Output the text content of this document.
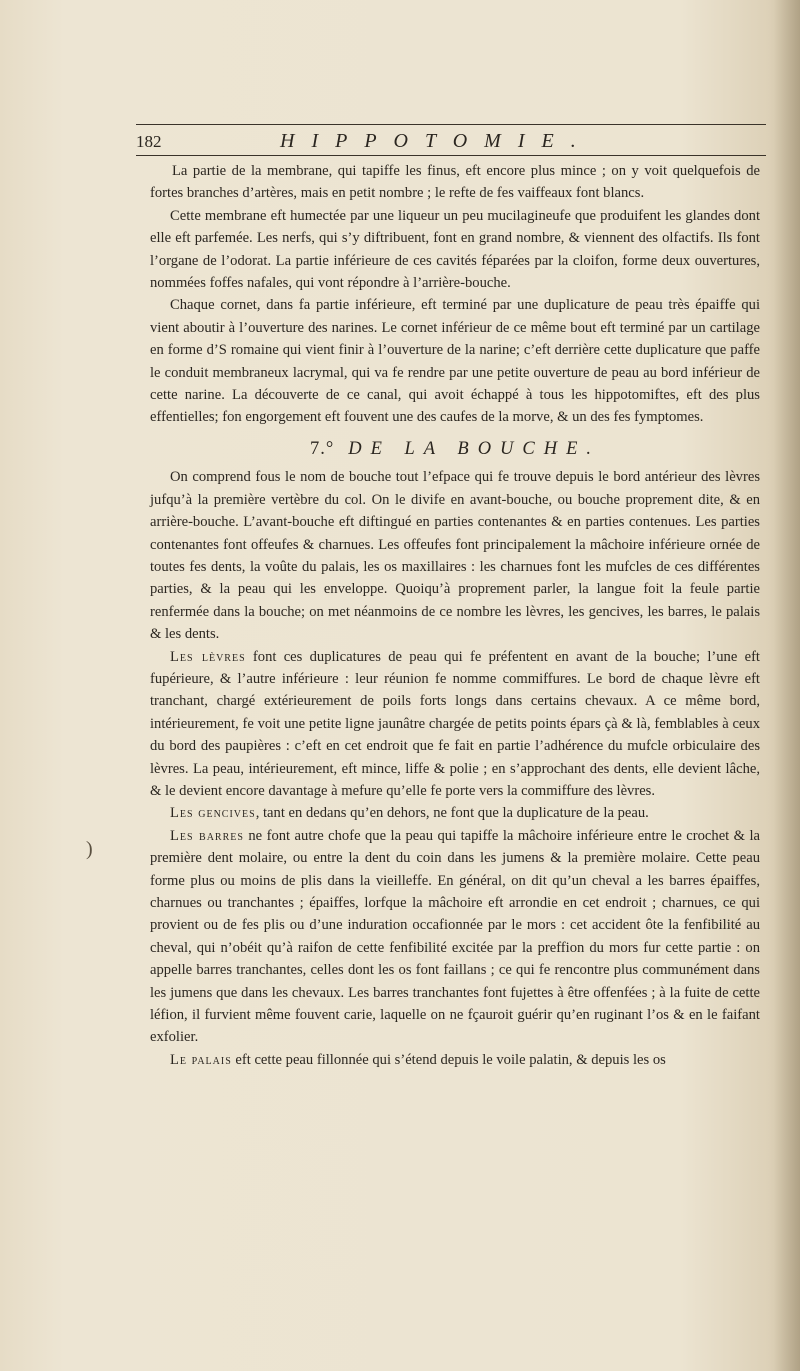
182	HIPPOTOMIE.
)

La partie de la membrane, qui tapiffe les finus, eft encore plus mince ; on y voit quelquefois de fortes branches d’artères, mais en petit nombre ; le refte de fes vaiffeaux font blancs.

Cette membrane eft humectée par une liqueur un peu mucilagineufe que produifent les glandes dont elle eft parfemée. Les nerfs, qui s’y diftribuent, font en grand nombre, & viennent des olfactifs. Ils font l’organe de l’odorat. La partie inférieure de ces cavités féparées par la cloifon, forme deux ouvertures, nommées foffes nafales, qui vont répondre à l’arrière-bouche.

Chaque cornet, dans fa partie inférieure, eft terminé par une duplicature de peau très épaiffe qui vient aboutir à l’ouverture des narines. Le cornet inférieur de ce même bout eft terminé par un cartilage en forme d’S romaine qui vient finir à l’ouverture de la narine; c’eft derrière cette duplicature que paffe le conduit membraneux lacrymal, qui va fe rendre par une petite ouverture de peau au bord inférieur de cette narine. La découverte de ce canal, qui avoit échappé à tous les hippotomiftes, eft des plus effentielles; fon engorgement eft fouvent une des caufes de la morve, & un des fes fymptomes.

7.° DE LA BOUCHE.

On comprend fous le nom de bouche tout l’efpace qui fe trouve depuis le bord antérieur des lèvres jufqu’à la première vertèbre du col. On le divife en avant-bouche, ou bouche proprement dite, & en arrière-bouche. L’avant-bouche eft diftingué en parties contenantes & en parties contenues. Les parties contenantes font offeufes & charnues. Les offeufes font principalement la mâchoire inférieure ornée de toutes fes dents, la voûte du palais, les os maxillaires : les charnues font les mufcles de ces différentes parties, & la peau qui les enveloppe. Quoiqu’à proprement parler, la langue foit la feule partie renfermée dans la bouche; on met néanmoins de ce nombre les lèvres, les gencives, les barres, le palais & les dents.

Les lèvres font ces duplicatures de peau qui fe préfentent en avant de la bouche; l’une eft fupérieure, & l’autre inférieure : leur réunion fe nomme commiffures. Le bord de chaque lèvre eft tranchant, chargé extérieurement de poils forts longs dans certains chevaux. A ce même bord, intérieurement, fe voit une petite ligne jaunâtre chargée de petits points épars çà & là, femblables à ceux du bord des paupières : c’eft en cet endroit que fe fait en partie l’adhérence du mufcle orbiculaire des lèvres. La peau, intérieurement, eft mince, liffe & polie ; en s’approchant des dents, elle devient lâche, & le devient encore davantage à mefure qu’elle fe porte vers la commiffure des lèvres.

Les gencives, tant en dedans qu’en dehors, ne font que la duplicature de la peau.

Les barres ne font autre chofe que la peau qui tapiffe la mâchoire inférieure entre le crochet & la première dent molaire, ou entre la dent du coin dans les jumens & la première molaire. Cette peau forme plus ou moins de plis dans la vieilleffe. En général, on dit qu’un cheval a les barres épaiffes, charnues ou tranchantes ; épaiffes, lorfque la mâchoire eft arrondie en cet endroit ; charnues, ce qui provient ou de fes plis ou d’une induration occafionnée par le mors : cet accident ôte la fenfibilité au cheval, qui n’obéit qu’à raifon de cette fenfibilité excitée par la preffion du mors fur cette partie : on appelle barres tranchantes, celles dont les os font faillans ; ce qui fe rencontre plus communément dans les jumens que dans les chevaux. Les barres tranchantes font fujettes à être offenfées ; à la fuite de cette léfion, il furvient même fouvent carie, laquelle on ne fçauroit guérir qu’en ruginant l’os & en le faifant exfolier.

Le palais eft cette peau fillonnée qui s’étend depuis le voile palatin, & depuis les os
